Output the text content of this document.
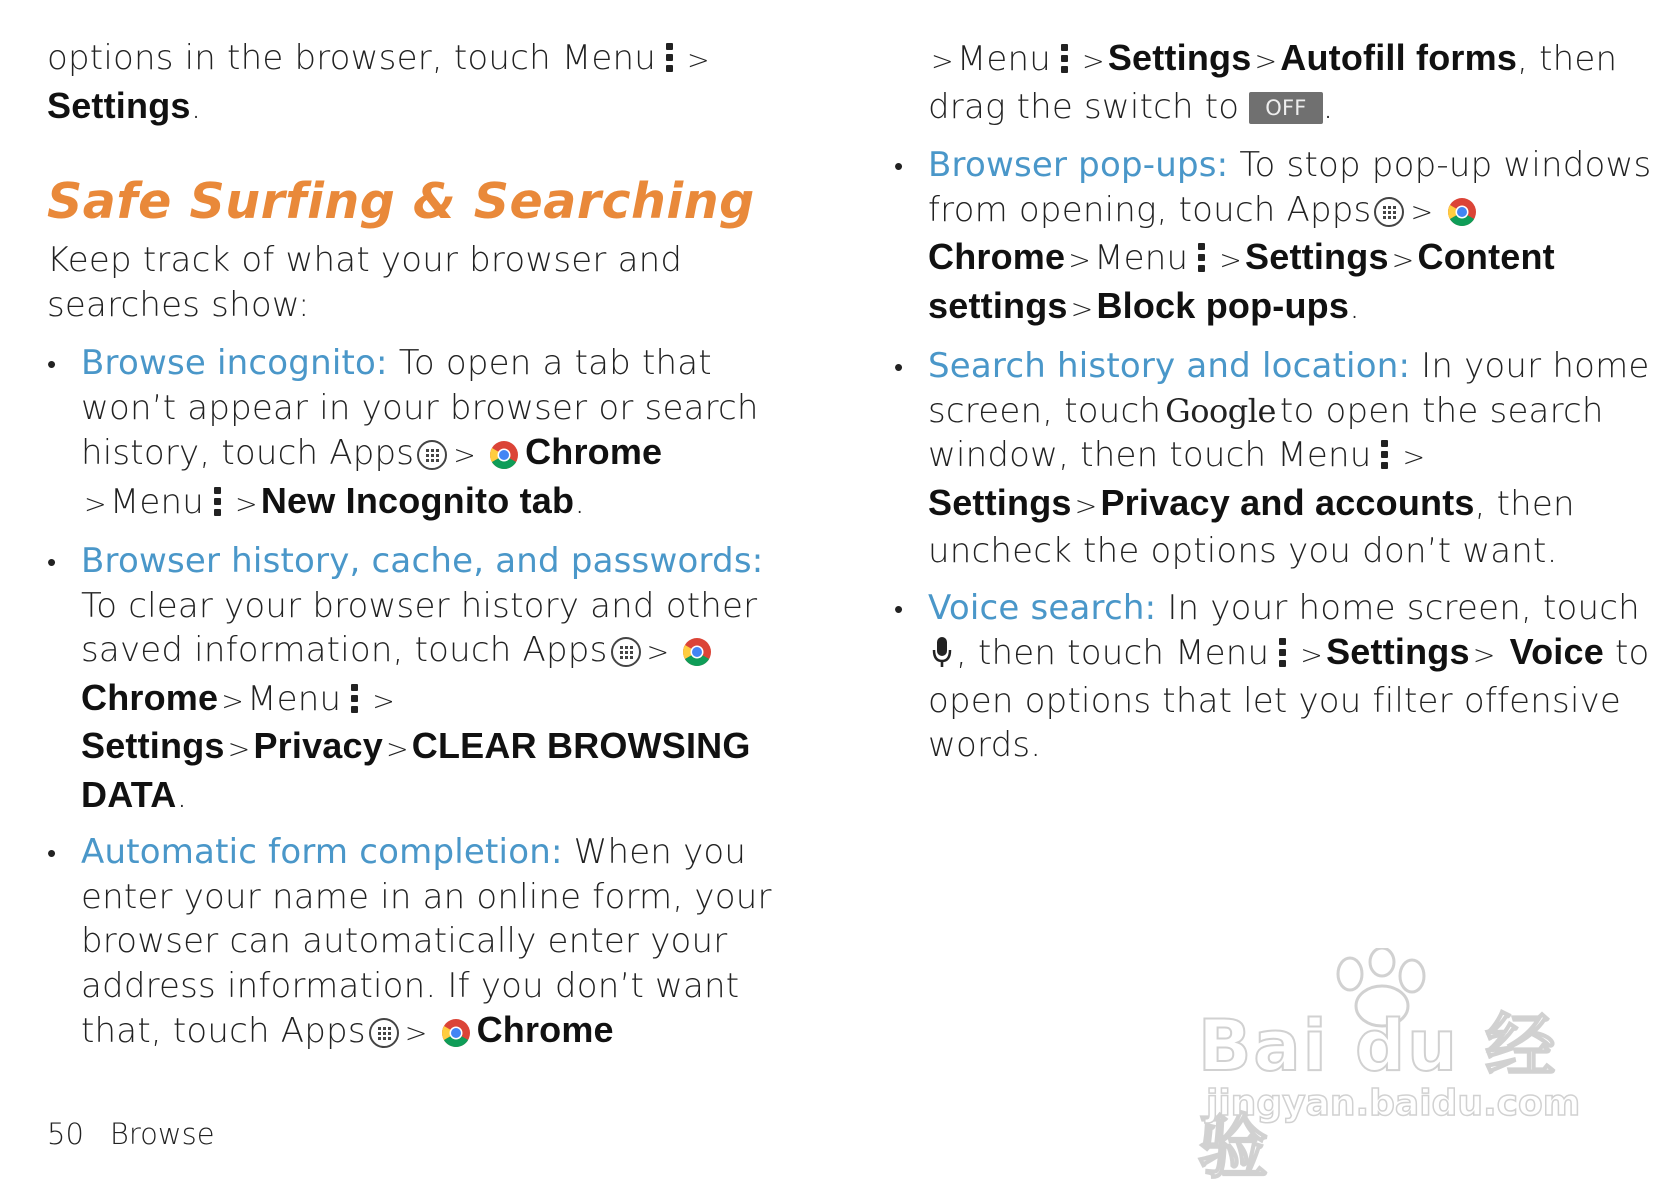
options in the browser, touch Menu > Settings.

Safe Surfing & Searching

Keep track of what your browser and searches show:

• Browse incognito: To open a tab that won’t appear in your browser or search history, touch Apps > Chrome
>Menu >New Incognito tab.
• Browser history, cache, and passwords: To clear your browser history and other saved information, touch Apps >Chrome >Menu > Settings >Privacy >CLEAR BROWSING DATA.
• Automatic form completion: When you enter your name in an online form, your browser can automatically enter your address information. If you don’t want that, touch Apps > Chrome

>Menu >Settings >Autofill forms, then drag the switch to OFF .

• Browser pop-ups: To stop pop-up windows from opening, touch Apps > Chrome >Menu >Settings >Content settings >Block pop-ups.
• Search history and location: In your home screen, touch Google to open the search window, then touch Menu > Settings >Privacy and accounts, then uncheck the options you don’t want.
• Voice search: In your home screen, touch, then touch Menu >Settings > Voice to open options that let you filter offensive words.
50 Browse
Bai du 经验
jingyan.baidu.com
